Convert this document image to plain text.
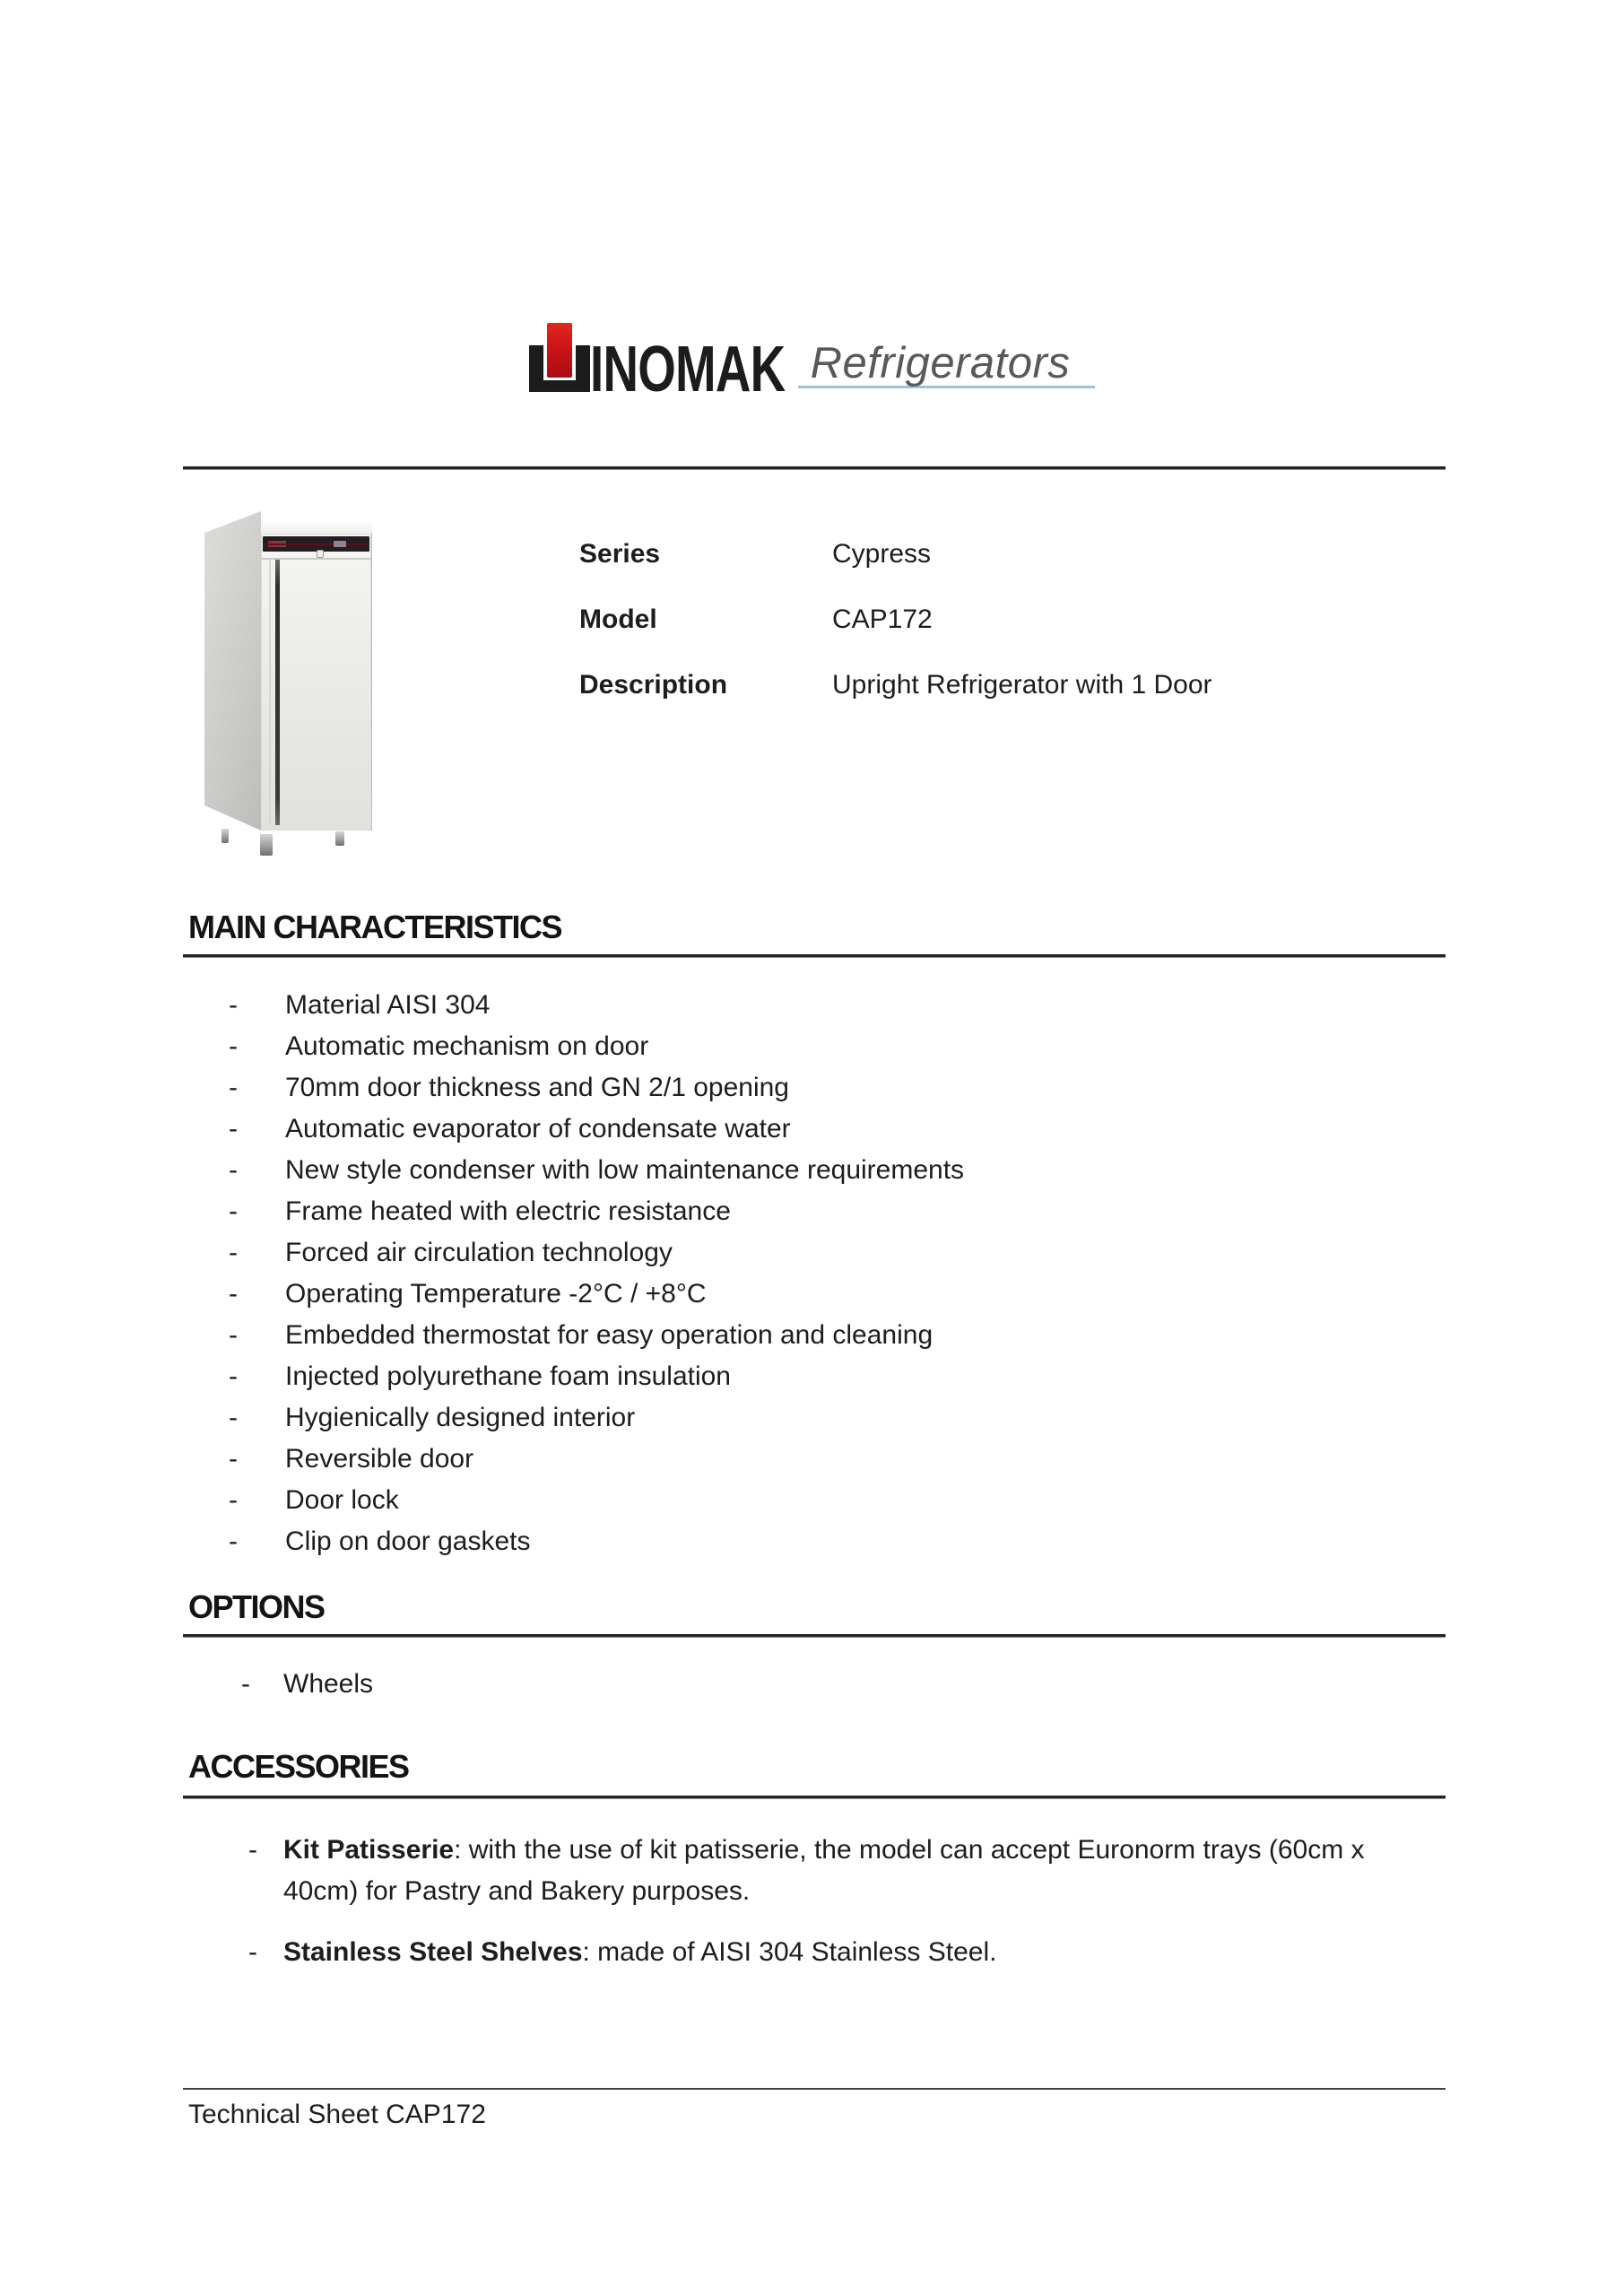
INOMAK Refrigerators
Series	Cypress
Model	CAP172
Description	Upright Refrigerator with 1 Door
MAIN CHARACTERISTICS
-	Material AISI 304
-	Automatic mechanism on door
-	70mm door thickness and GN 2/1 opening
-	Automatic evaporator of condensate water
-	New style condenser with low maintenance requirements
-	Frame heated with electric resistance
-	Forced air circulation technology
-	Operating Temperature -2°C / +8°C
-	Embedded thermostat for easy operation and cleaning
-	Injected polyurethane foam insulation
-	Hygienically designed interior
-	Reversible door
-	Door lock
-	Clip on door gaskets
OPTIONS
-	Wheels
ACCESSORIES
- Kit Patisserie: with the use of kit patisserie, the model can accept Euronorm trays (60cm x 40cm) for Pastry and Bakery purposes.
- Stainless Steel Shelves: made of AISI 304 Stainless Steel.
Technical Sheet CAP172
